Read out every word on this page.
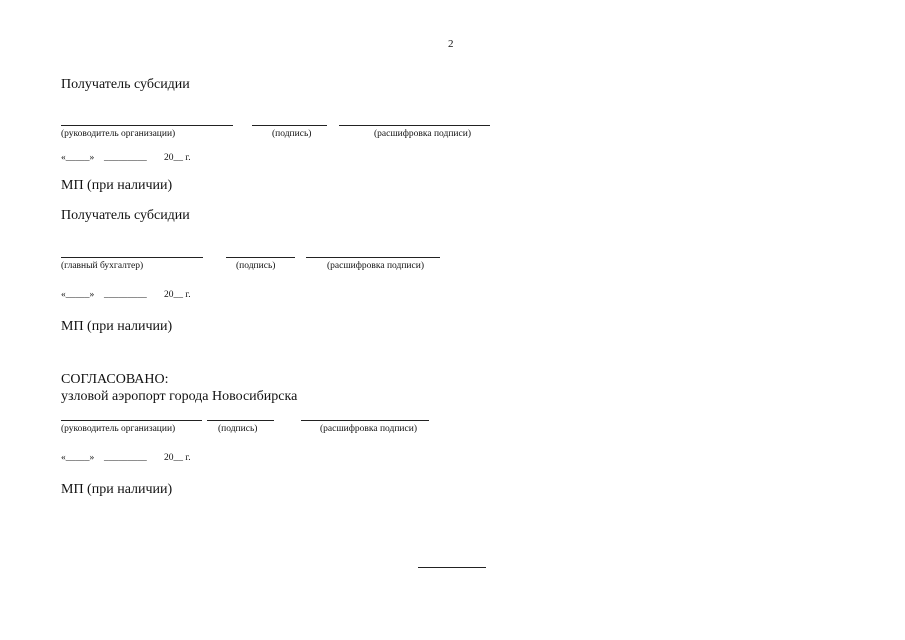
2
Получатель субсидии
(руководитель организации)	(подпись)	(расшифровка подписи)
«_____» _________ 20__ г.
МП (при наличии)
Получатель субсидии
(главный бухгалтер)	(подпись)	(расшифровка подписи)
«_____» _________ 20__ г.
МП (при наличии)
СОГЛАСОВАНО:
узловой аэропорт города Новосибирска
(руководитель организации)	(подпись)	(расшифровка подписи)
«_____» _________ 20__ г.
МП (при наличии)
